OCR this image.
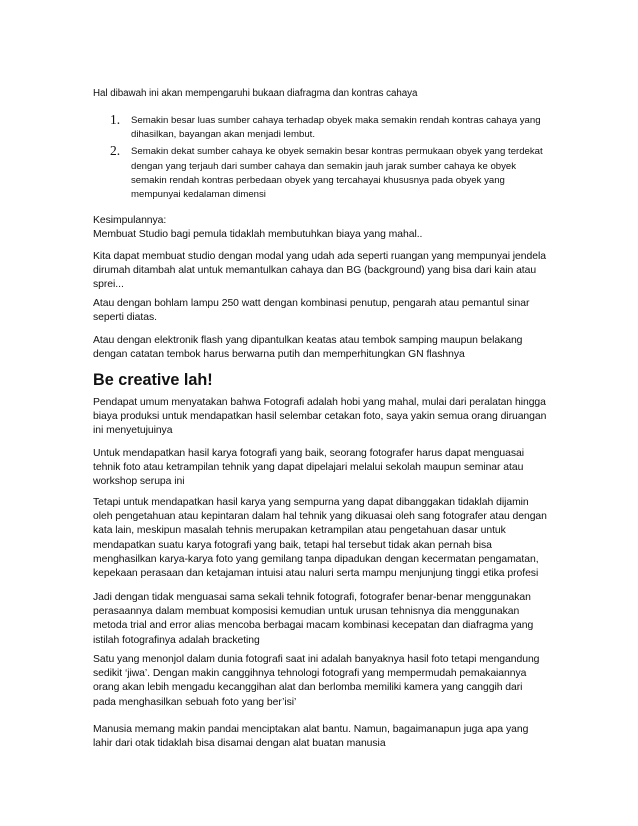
Hal dibawah ini akan mempengaruhi bukaan diafragma dan kontras cahaya
1. Semakin besar luas sumber cahaya terhadap obyek maka semakin rendah kontras cahaya yang dihasilkan, bayangan akan menjadi lembut.
2. Semakin dekat sumber cahaya ke obyek semakin besar kontras permukaan obyek yang terdekat dengan yang terjauh dari sumber cahaya dan semakin jauh jarak sumber cahaya ke obyek semakin rendah kontras perbedaan obyek yang tercahayai khususnya pada obyek yang mempunyai kedalaman dimensi
Kesimpulannya:
Membuat Studio bagi pemula tidaklah membutuhkan biaya yang mahal..
Kita dapat membuat studio dengan modal yang udah ada seperti ruangan yang mempunyai jendela dirumah ditambah alat untuk memantulkan cahaya dan BG (background) yang bisa dari kain atau sprei...
Atau dengan bohlam lampu 250 watt dengan kombinasi penutup, pengarah atau pemantul sinar seperti diatas.
Atau dengan elektronik flash yang dipantulkan keatas atau tembok samping maupun belakang dengan catatan tembok harus berwarna putih dan memperhitungkan GN flashnya
Be creative lah!
Pendapat umum menyatakan bahwa Fotografi adalah hobi yang mahal, mulai dari peralatan hingga biaya produksi untuk mendapatkan hasil selembar cetakan foto, saya yakin semua orang diruangan ini menyetujuinya
Untuk mendapatkan hasil karya fotografi yang baik, seorang fotografer harus dapat menguasai tehnik foto atau ketrampilan tehnik yang dapat dipelajari melalui sekolah maupun seminar atau workshop serupa ini
Tetapi untuk mendapatkan hasil karya yang sempurna yang dapat dibanggakan tidaklah dijamin oleh pengetahuan atau kepintaran dalam hal tehnik yang dikuasai oleh sang fotografer atau dengan kata lain, meskipun masalah tehnis merupakan ketrampilan atau pengetahuan dasar untuk mendapatkan suatu karya fotografi yang baik, tetapi hal tersebut tidak akan pernah bisa menghasilkan karya-karya foto yang gemilang tanpa dipadukan dengan kecermatan pengamatan, kepekaan perasaan dan ketajaman intuisi atau naluri serta mampu menjunjung tinggi etika profesi
Jadi dengan tidak menguasai sama sekali tehnik fotografi, fotografer benar-benar menggunakan perasaannya dalam membuat komposisi kemudian untuk urusan tehnisnya dia menggunakan metoda trial and error alias mencoba berbagai macam kombinasi kecepatan dan diafragma yang istilah fotografinya adalah bracketing
Satu yang menonjol dalam dunia fotografi saat ini adalah banyaknya hasil foto tetapi mengandung sedikit ‘jiwa’. Dengan makin canggihnya tehnologi fotografi yang mempermudah pemakaiannya orang akan lebih mengadu kecanggihan alat dan berlomba memiliki kamera yang canggih dari pada menghasilkan sebuah foto yang ber’isi’
Manusia memang makin pandai menciptakan alat bantu. Namun, bagaimanapun juga apa yang lahir dari otak tidaklah bisa disamai dengan alat buatan manusia
